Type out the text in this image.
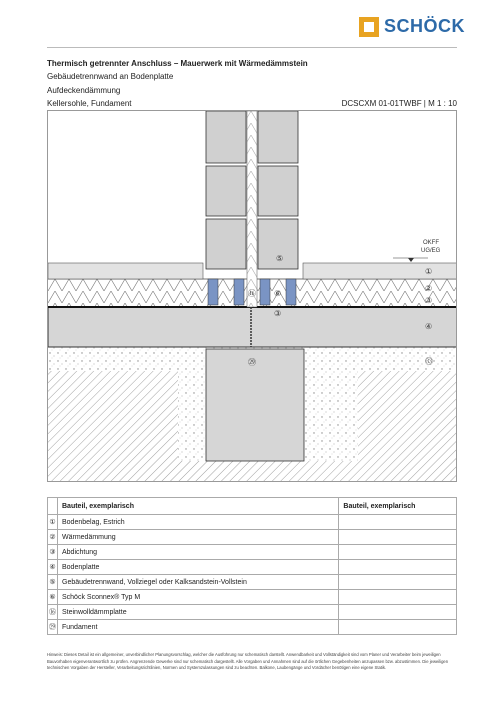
SCHÖCK
Thermisch getrennter Anschluss – Mauerwerk mit Wärmedämmstein
Gebäudetrennwand an Bodenplatte
Aufdeckendämmung
Kellersohle, Fundament	DCSCXM 01-01TWBF | M 1 : 10
⑤
⑯ ⑥
③
㉙
①
②
③
④
㉝
OKFF
UG/EG
	Bauteil, exemplarisch	Bauteil, exemplarisch
①	Bodenbelag, Estrich	
②	Wärmedämmung	
③	Abdichtung	
④	Bodenplatte	
⑤	Gebäudetrennwand, Vollziegel oder Kalksandstein-Vollstein	
⑥	Schöck Sconnex® Typ M	
⑯	Steinwolldämmplatte	
㉙	Fundament	
Hinweis: Dieses Detail ist ein allgemeiner, unverbindlicher Planungsvorschlag, welcher die Ausführung nur schematisch darstellt. Anwendbarkeit und Vollständigkeit sind vom Planer und Verarbeiter beim jeweiligen Bauvorhaben eigenverantwortlich zu prüfen. Angrenzende Gewerke sind nur schematisch dargestellt. Alle Vorgaben und Annahmen sind auf die örtlichen Gegebenheiten anzupassen bzw. abzustimmen. Die jeweiligen technischen Vorgaben der Hersteller, Verarbeitungsrichtlinien, Normen und Systemzulassungen sind zu beachten. Balkone, Laubengänge und Vordächer benötigen eine eigene Statik.
